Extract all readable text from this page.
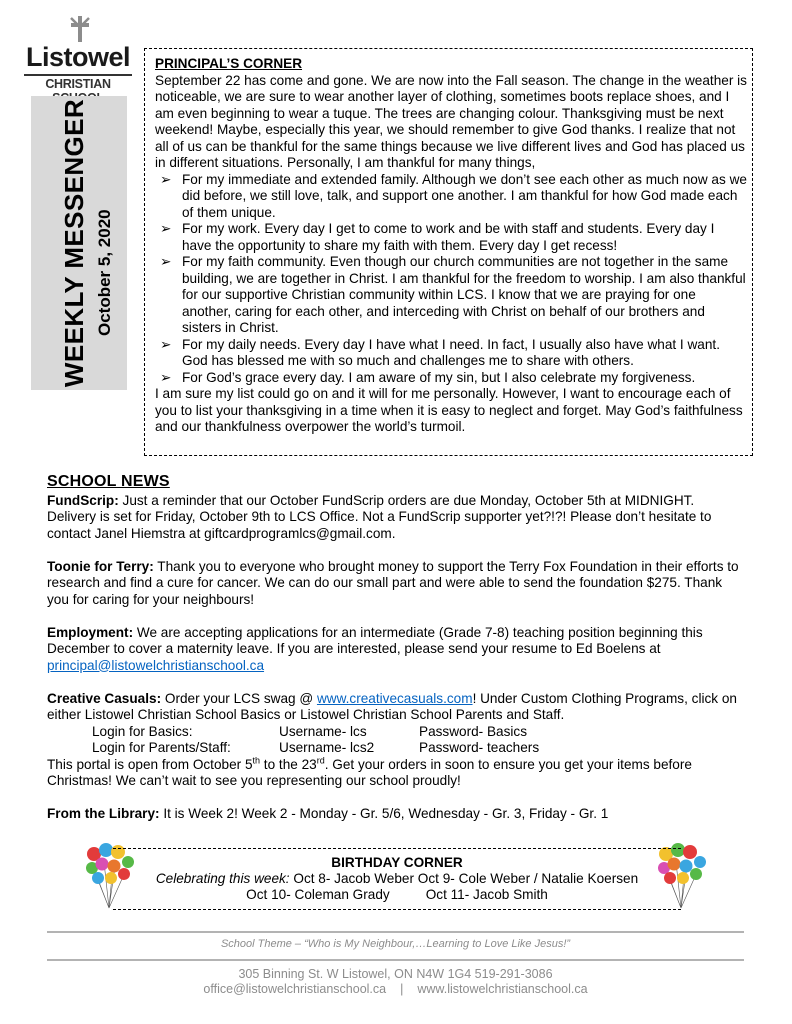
Listowel
CHRISTIAN
WEEKLY MESSENGER October 5, 2020
PRINCIPAL’S CORNER

September 22 has come and gone. We are now into the Fall season. The change in the weather is noticeable, we are sure to wear another layer of clothing, sometimes boots replace shoes, and I am even beginning to wear a tuque. The trees are changing colour. Thanksgiving must be next weekend! Maybe, especially this year, we should remember to give God thanks. I realize that not all of us can be thankful for the same things because we live different lives and God has placed us in different situations. Personally, I am thankful for many things,

➢ For my immediate and extended family. Although we don’t see each other as much now as we did before, we still love, talk, and support one another. I am thankful for how God made each of them unique.
➢ For my work. Every day I get to come to work and be with staff and students. Every day I have the opportunity to share my faith with them. Every day I get recess!
➢ For my faith community. Even though our church communities are not together in the same building, we are together in Christ. I am thankful for the freedom to worship. I am also thankful for our supportive Christian community within LCS. I know that we are praying for one another, caring for each other, and interceding with Christ on behalf of our brothers and sisters in Christ.
➢ For my daily needs. Every day I have what I need. In fact, I usually also have what I want. God has blessed me with so much and challenges me to share with others.
➢ For God’s grace every day. I am aware of my sin, but I also celebrate my forgiveness.

I am sure my list could go on and it will for me personally. However, I want to encourage each of you to list your thanksgiving in a time when it is easy to neglect and forget. May God’s faithfulness and our thankfulness overpower the world’s turmoil.

SCHOOL NEWS

FundScrip: Just a reminder that our October FundScrip orders are due Monday, October 5th at MIDNIGHT. Delivery is set for Friday, October 9th to LCS Office. Not a FundScrip supporter yet?!?! Please don’t hesitate to contact Janel Hiemstra at giftcardprogramlcs@gmail.com.

Toonie for Terry: Thank you to everyone who brought money to support the Terry Fox Foundation in their efforts to research and find a cure for cancer. We can do our small part and were able to send the foundation $275. Thank you for caring for your neighbours!

Employment: We are accepting applications for an intermediate (Grade 7-8) teaching position beginning this December to cover a maternity leave. If you are interested, please send your resume to Ed Boelens at
principal@listowelchristianschool.ca

Creative Casuals: Order your LCS swag @ www.creativecasuals.com! Under Custom Clothing Programs, click on either Listowel Christian School Basics or Listowel Christian School Parents and Staff.

Login for Basics:	Username- lcs	Password- Basics
Login for Parents/Staff:	Username- lcs2	Password- teachers

This portal is open from October 5th to the 23rd. Get your orders in soon to ensure you get your items before Christmas! We can’t wait to see you representing our school proudly!

From the Library: It is Week 2! Week 2 - Monday - Gr. 5/6, Wednesday - Gr. 3, Friday - Gr. 1

BIRTHDAY CORNER
Celebrating this week: Oct 8- Jacob Weber Oct 9- Cole Weber / Natalie Koersen
Oct 10- Coleman Grady	Oct 11- Jacob Smith
School Theme – “Who is My Neighbour,…Learning to Love Like Jesus!”
305 Binning St. W Listowel, ON N4W 1G4 519-291-3086
office@listowelchristianschool.ca | www.listowelchristianschool.ca
